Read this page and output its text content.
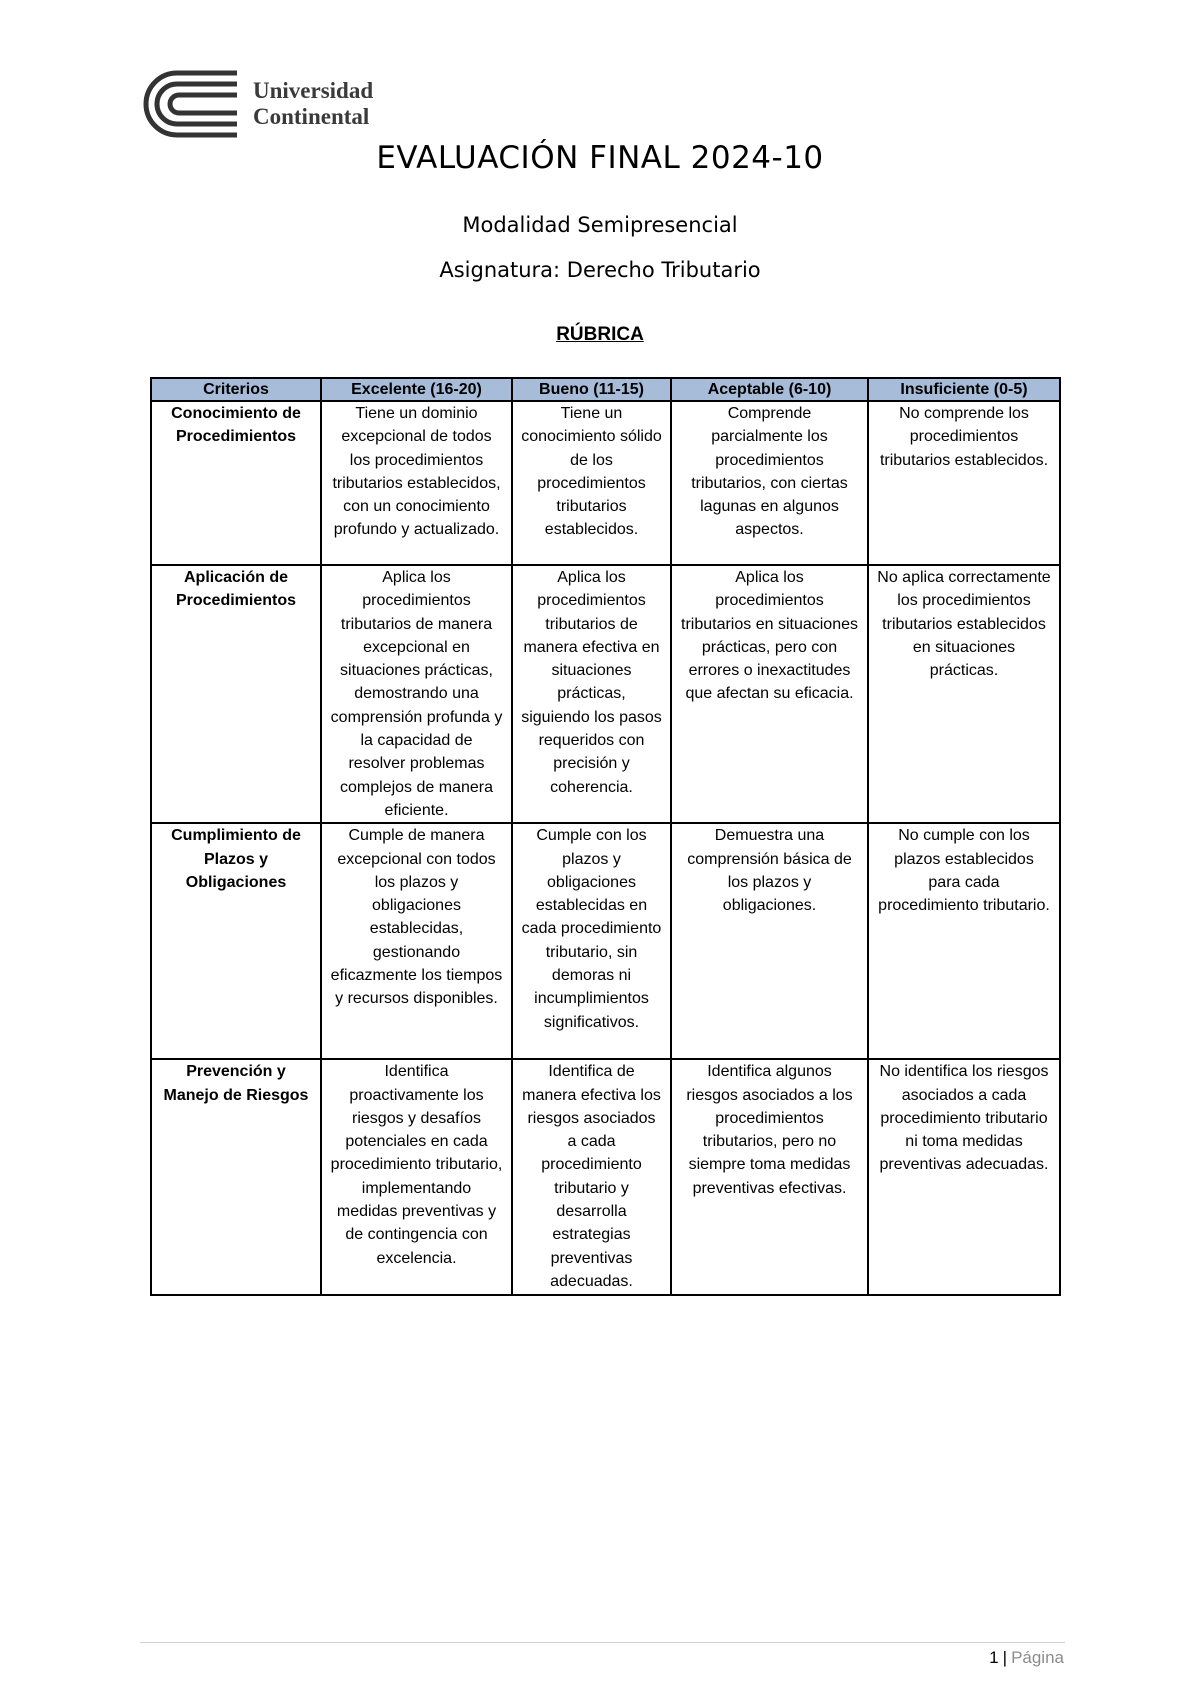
Universidad
Continental
EVALUACIÓN FINAL 2024-10
Modalidad Semipresencial
Asignatura: Derecho Tributario
RÚBRICA
Criterios	Excelente (16-20)	Bueno (11-15)	Aceptable (6-10)	Insuficiente (0-5)
Conocimiento de Procedimientos	Tiene un dominio excepcional de todos los procedimientos tributarios establecidos, con un conocimiento profundo y actualizado.	Tiene un conocimiento sólido de los procedimientos tributarios establecidos.	Comprende parcialmente los procedimientos tributarios, con ciertas lagunas en algunos aspectos.	No comprende los procedimientos tributarios establecidos.
Aplicación de Procedimientos	Aplica los procedimientos tributarios de manera excepcional en situaciones prácticas, demostrando una comprensión profunda y la capacidad de resolver problemas complejos de manera eficiente.	Aplica los procedimientos tributarios de manera efectiva en situaciones prácticas, siguiendo los pasos requeridos con precisión y coherencia.	Aplica los procedimientos tributarios en situaciones prácticas, pero con errores o inexactitudes que afectan su eficacia.	No aplica correctamente los procedimientos tributarios establecidos en situaciones prácticas.
Cumplimiento de Plazos y Obligaciones	Cumple de manera excepcional con todos los plazos y obligaciones establecidas, gestionando eficazmente los tiempos y recursos disponibles.	Cumple con los plazos y obligaciones establecidas en cada procedimiento tributario, sin demoras ni incumplimientos significativos.	Demuestra una comprensión básica de los plazos y obligaciones.	No cumple con los plazos establecidos para cada procedimiento tributario.
Prevención y Manejo de Riesgos	Identifica proactivamente los riesgos y desafíos potenciales en cada procedimiento tributario, implementando medidas preventivas y de contingencia con excelencia.	Identifica de manera efectiva los riesgos asociados a cada procedimiento tributario y desarrolla estrategias preventivas adecuadas.	Identifica algunos riesgos asociados a los procedimientos tributarios, pero no siempre toma medidas preventivas efectivas.	No identifica los riesgos asociados a cada procedimiento tributario ni toma medidas preventivas adecuadas.
1 | Página
